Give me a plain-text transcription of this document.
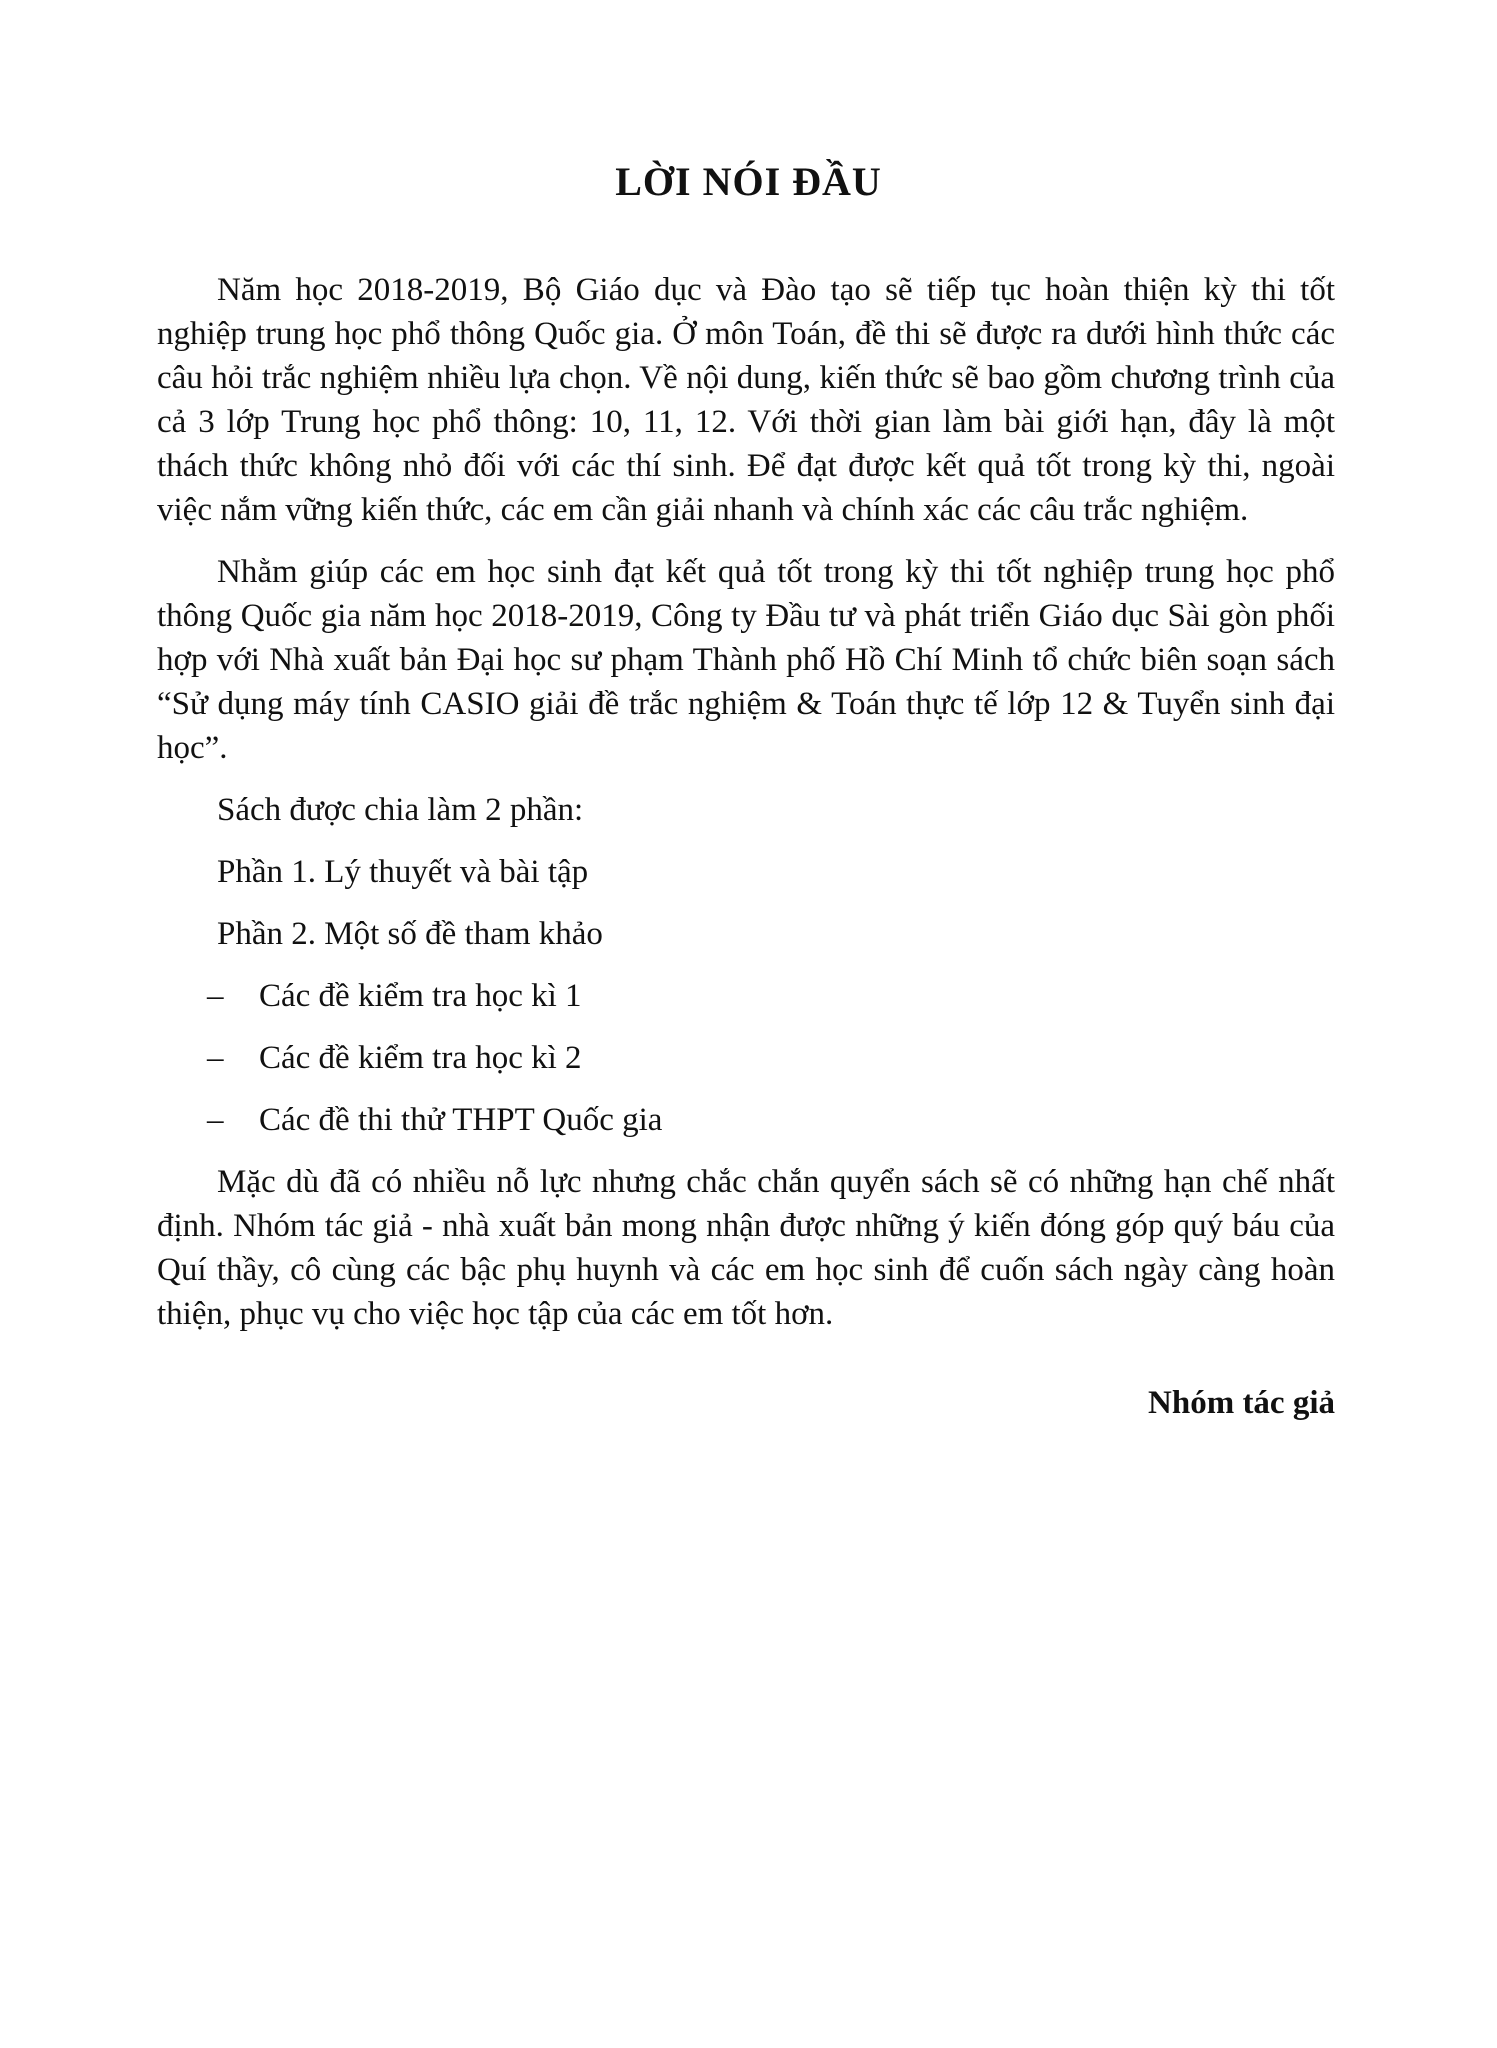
LỜI NÓI ĐẦU

Năm học 2018-2019, Bộ Giáo dục và Đào tạo sẽ tiếp tục hoàn thiện kỳ thi tốt nghiệp trung học phổ thông Quốc gia. Ở môn Toán, đề thi sẽ được ra dưới hình thức các câu hỏi trắc nghiệm nhiều lựa chọn. Về nội dung, kiến thức sẽ bao gồm chương trình của cả 3 lớp Trung học phổ thông: 10, 11, 12. Với thời gian làm bài giới hạn, đây là một thách thức không nhỏ đối với các thí sinh. Để đạt được kết quả tốt trong kỳ thi, ngoài việc nắm vững kiến thức, các em cần giải nhanh và chính xác các câu trắc nghiệm.

Nhằm giúp các em học sinh đạt kết quả tốt trong kỳ thi tốt nghiệp trung học phổ thông Quốc gia năm học 2018-2019, Công ty Đầu tư và phát triển Giáo dục Sài gòn phối hợp với Nhà xuất bản Đại học sư phạm Thành phố Hồ Chí Minh tổ chức biên soạn sách “Sử dụng máy tính CASIO giải đề trắc nghiệm & Toán thực tế lớp 12 & Tuyển sinh đại học”.

Sách được chia làm 2 phần:

Phần 1. Lý thuyết và bài tập

Phần 2. Một số đề tham khảo

– Các đề kiểm tra học kì 1

– Các đề kiểm tra học kì 2

– Các đề thi thử THPT Quốc gia

Mặc dù đã có nhiều nỗ lực nhưng chắc chắn quyển sách sẽ có những hạn chế nhất định. Nhóm tác giả - nhà xuất bản mong nhận được những ý kiến đóng góp quý báu của Quí thầy, cô cùng các bậc phụ huynh và các em học sinh để cuốn sách ngày càng hoàn thiện, phục vụ cho việc học tập của các em tốt hơn.

Nhóm tác giả
